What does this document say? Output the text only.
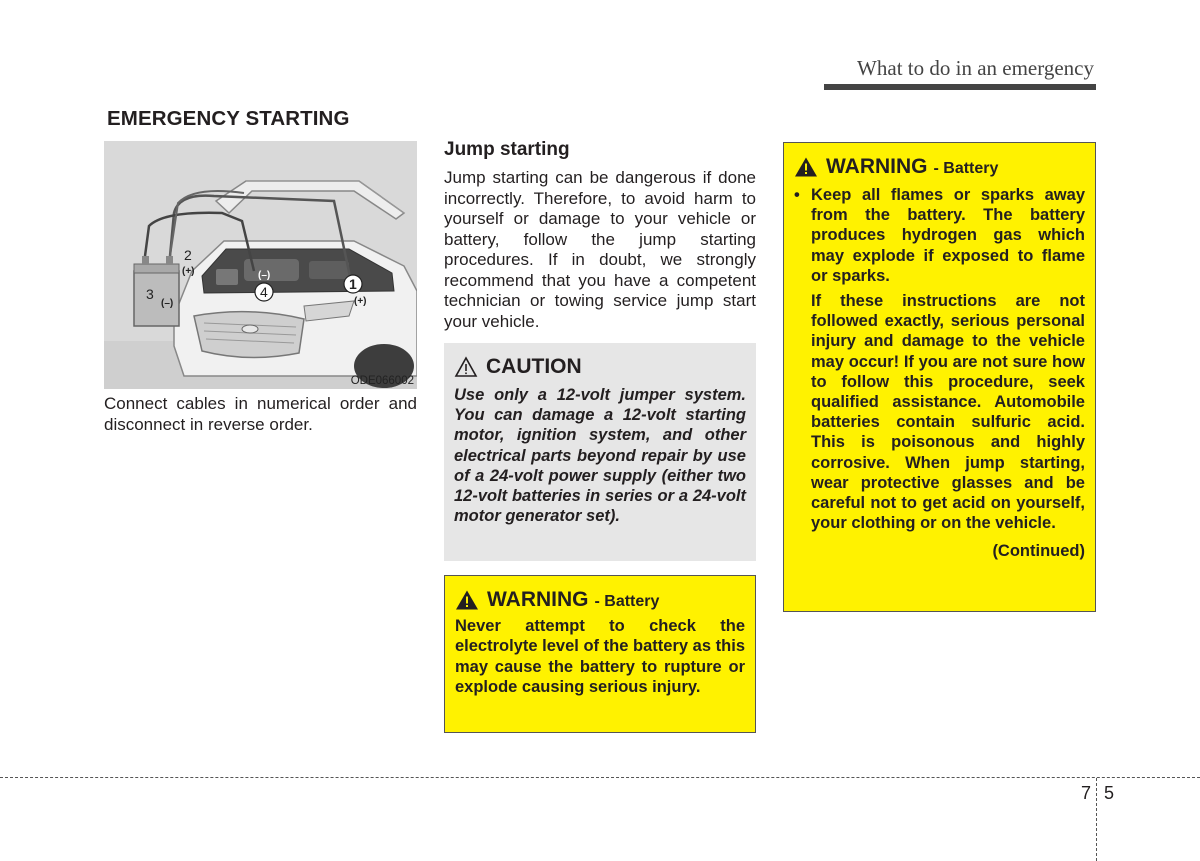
What to do in an emergency
EMERGENCY STARTING
1
2
3	4
(+)
(+)
(–)
(–)
ODE066002

Connect cables in numerical order and disconnect in reverse order.

Jump starting

Jump starting can be dangerous if done incorrectly. Therefore, to avoid harm to yourself or damage to your vehicle or battery, follow the jump starting procedures. If in doubt, we strongly recommend that you have a competent technician or towing service jump start your vehicle.

CAUTION

Use only a 12-volt jumper system. You can damage a 12-volt starting motor, ignition system, and other electrical parts beyond repair by use of a 24-volt power supply (either two 12-volt batteries in series or a 24-volt motor generator set).

WARNING - Battery

Never attempt to check the electrolyte level of the battery as this may cause the battery to rupture or explode causing serious injury.

WARNING - Battery
• Keep all flames or sparks away from the battery. The battery produces hydrogen gas which may explode if exposed to flame or sparks.

If these instructions are not followed exactly, serious personal injury and damage to the vehicle may occur! If you are not sure how to follow this procedure, seek qualified assistance. Automobile batteries contain sulfuric acid. This is poisonous and highly corrosive. When jump starting, wear protective glasses and be careful not to get acid on yourself, your clothing or on the vehicle.

(Continued)
7 5
